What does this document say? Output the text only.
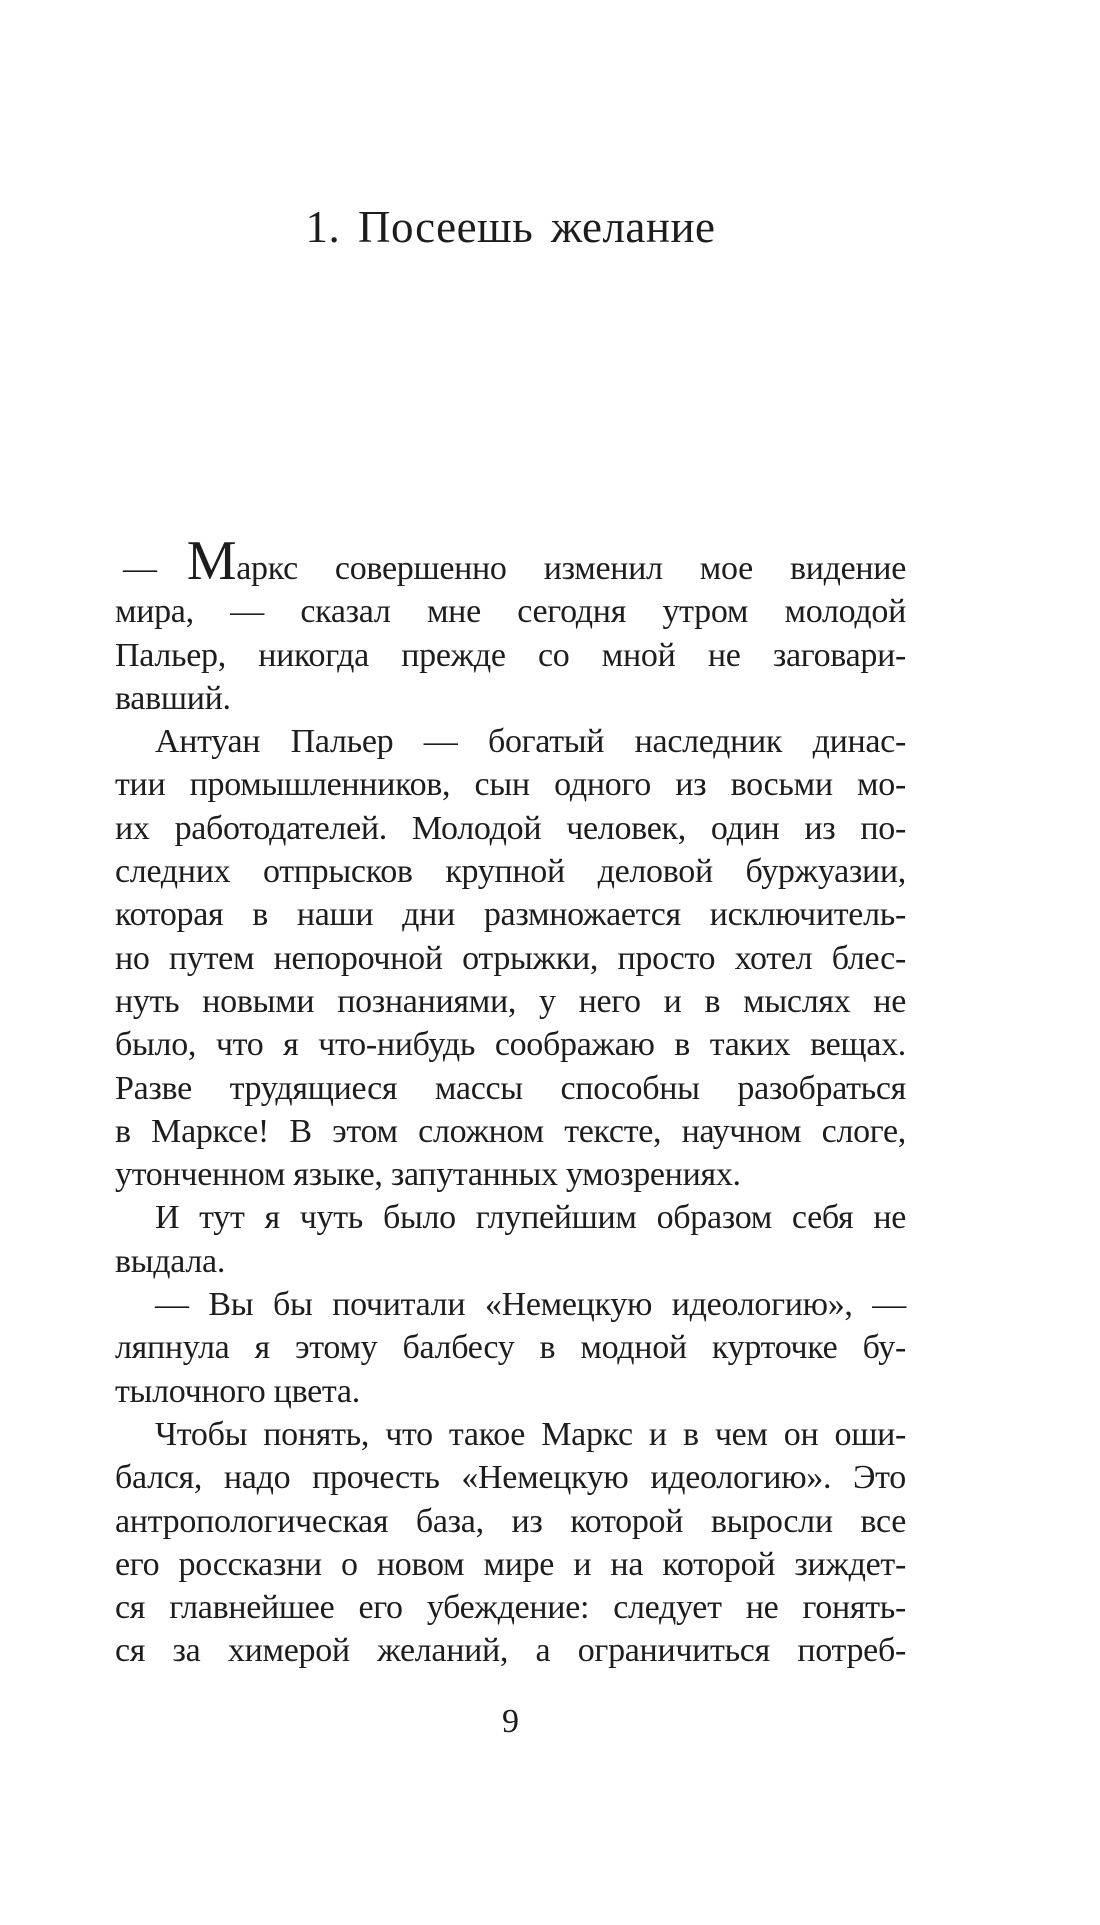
1. Посеешь желание
— Маркс совершенно изменил мое видение
мира, — сказал мне сегодня утром молодой
Пальер, никогда прежде со мной не заговари-
вавший.
Антуан Пальер — богатый наследник динас-
тии промышленников, сын одного из восьми мо-
их работодателей. Молодой человек, один из по-
следних отпрысков крупной деловой буржуазии,
которая в наши дни размножается исключитель-
но путем непорочной отрыжки, просто хотел блес-
нуть новыми познаниями, у него и в мыслях не
было, что я что-нибудь соображаю в таких вещах.
Разве трудящиеся массы способны разобраться
в Марксе! В этом сложном тексте, научном слоге,
утонченном языке, запутанных умозрениях.
И тут я чуть было глупейшим образом себя не
выдала.
— Вы бы почитали «Немецкую идеологию», —
ляпнула я этому балбесу в модной курточке бу-
тылочного цвета.
Чтобы понять, что такое Маркс и в чем он оши-
бался, надо прочесть «Немецкую идеологию». Это
антропологическая база, из которой выросли все
его россказни о новом мире и на которой зиждет-
ся главнейшее его убеждение: следует не гонять-
ся за химерой желаний, а ограничиться потреб-
9
